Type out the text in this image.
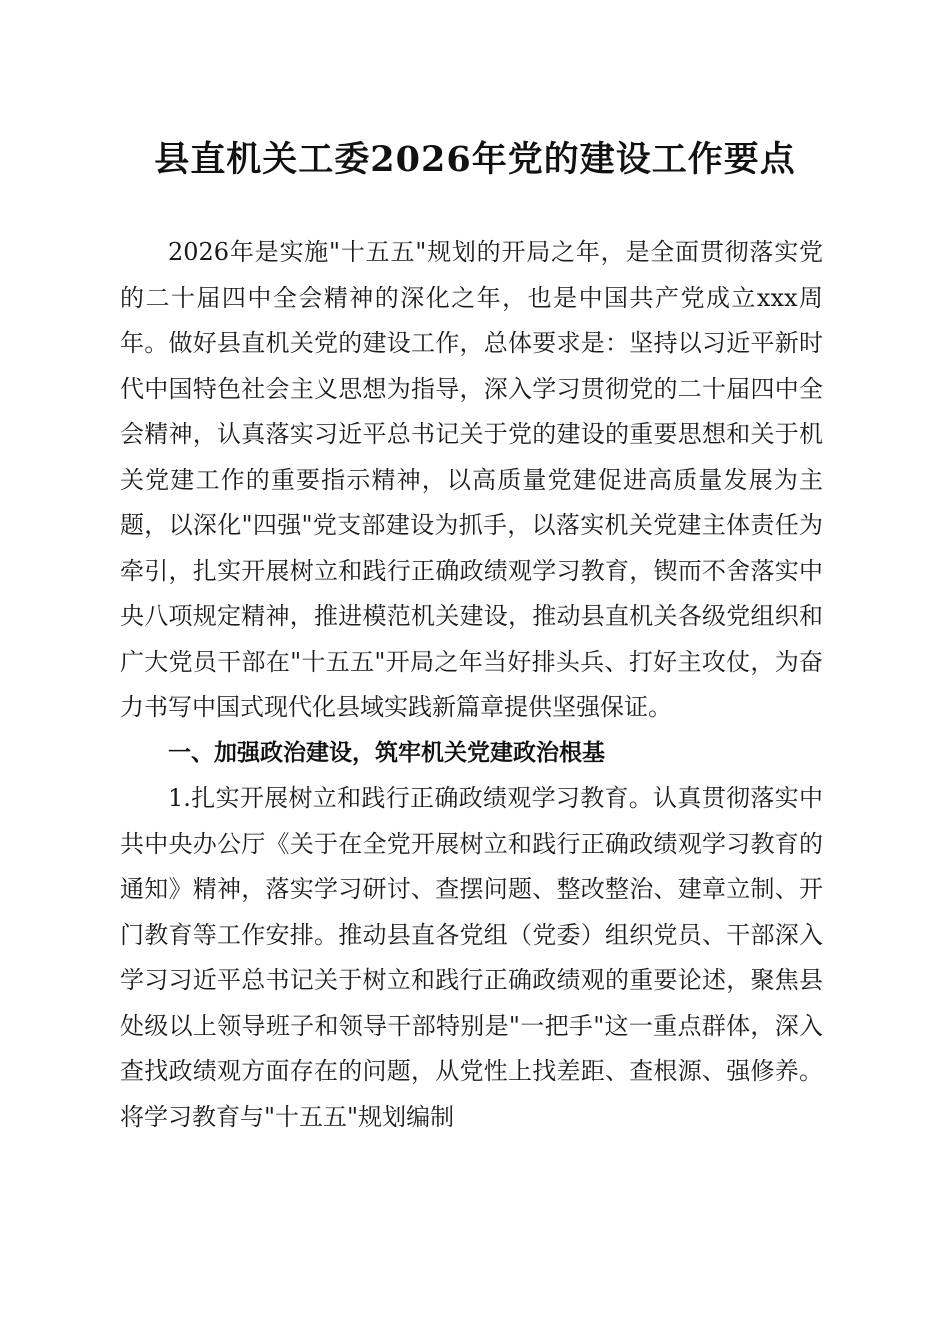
县直机关工委2026年党的建设工作要点

2026年是实施"十五五"规划的开局之年，是全面贯彻落实党的二十届四中全会精神的深化之年，也是中国共产党成立xxx周年。做好县直机关党的建设工作，总体要求是：坚持以习近平新时代中国特色社会主义思想为指导，深入学习贯彻党的二十届四中全会精神，认真落实习近平总书记关于党的建设的重要思想和关于机关党建工作的重要指示精神，以高质量党建促进高质量发展为主题，以深化"四强"党支部建设为抓手，以落实机关党建主体责任为牵引，扎实开展树立和践行正确政绩观学习教育，锲而不舍落实中央八项规定精神，推进模范机关建设，推动县直机关各级党组织和广大党员干部在"十五五"开局之年当好排头兵、打好主攻仗，为奋力书写中国式现代化县域实践新篇章提供坚强保证。

一、加强政治建设，筑牢机关党建政治根基

1.扎实开展树立和践行正确政绩观学习教育。认真贯彻落实中共中央办公厅《关于在全党开展树立和践行正确政绩观学习教育的通知》精神，落实学习研讨、查摆问题、整改整治、建章立制、开门教育等工作安排。推动县直各党组（党委）组织党员、干部深入学习习近平总书记关于树立和践行正确政绩观的重要论述，聚焦县处级以上领导班子和领导干部特别是"一把手"这一重点群体，深入查找政绩观方面存在的问题，从党性上找差距、查根源、强修养。将学习教育与"十五五"规划编制
